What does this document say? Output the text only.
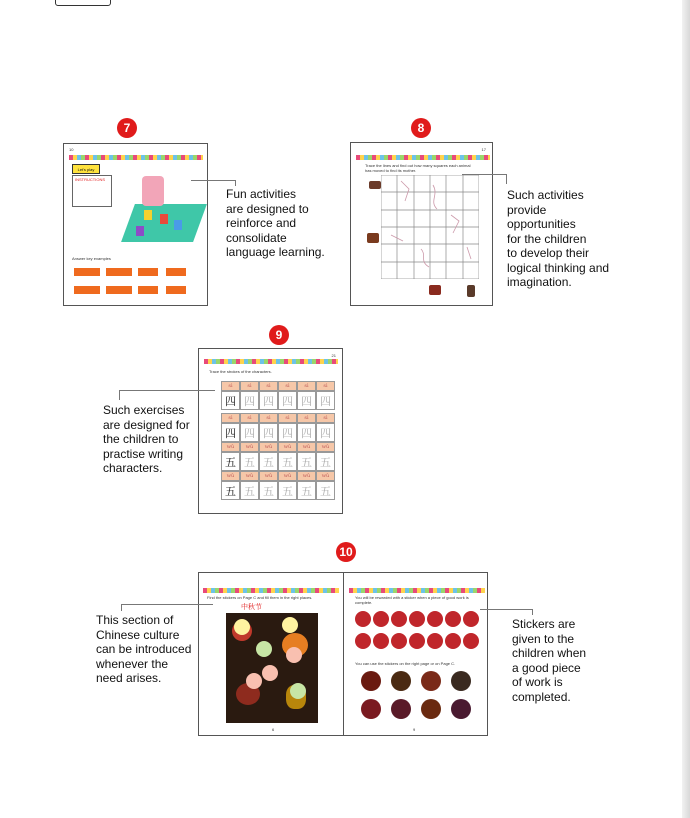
7
10
Let's play
INSTRUCTIONS
Answer key examples
Fun activities
are designed to
reinforce and
consolidate
language learning.
8
17
Trace the lines and find out how many squares each animal has moved to find its mother.
Such activities
provide
opportunities
for the children
to develop their
logical thinking and
imagination.
9
21
Trace the strokes of the characters.
sì	sì	sì	sì	sì	sì
四 四 四 四 四 四
sì	sì	sì	sì	sì	sì
四 四 四 四 四 四
wǔ	wǔ	wǔ	wǔ	wǔ	wǔ
五 五 五 五 五 五
wǔ	wǔ	wǔ	wǔ	wǔ	wǔ
五 五 五 五 五 五
Such exercises
are designed for
the children to
practise writing
characters.
10
Find the stickers on Page C and fill them in the right places.
中秋节
6
You will be rewarded with a sticker when a piece of good work is complete.
You can use the stickers on the right page or on Page C.
9
This section of
Chinese culture
can be introduced
whenever the
need arises.
Stickers are
given to the
children when
a good piece
of work is
completed.
